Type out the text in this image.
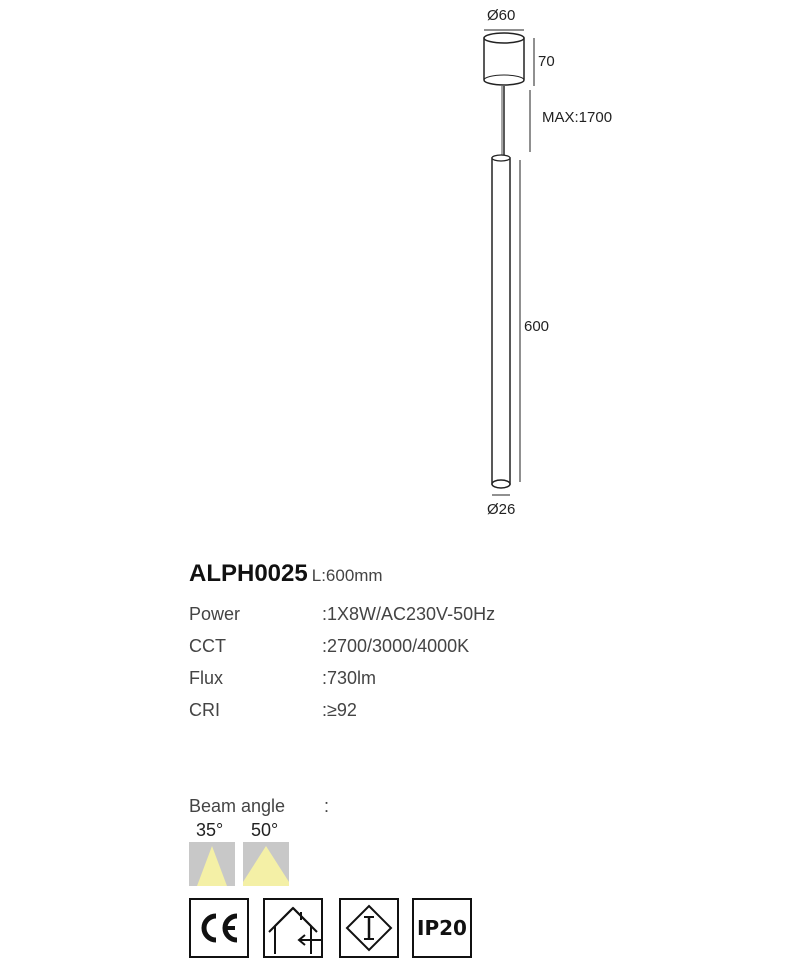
Ø60
70
MAX:1700
600
Ø26
ALPH0025 L:600mm
Power	:1X8W/AC230V-50Hz
CCT	:2700/3000/4000K
Flux	:730lm
CRI	:≥92
Beam angle :
35° 50°
IP20
